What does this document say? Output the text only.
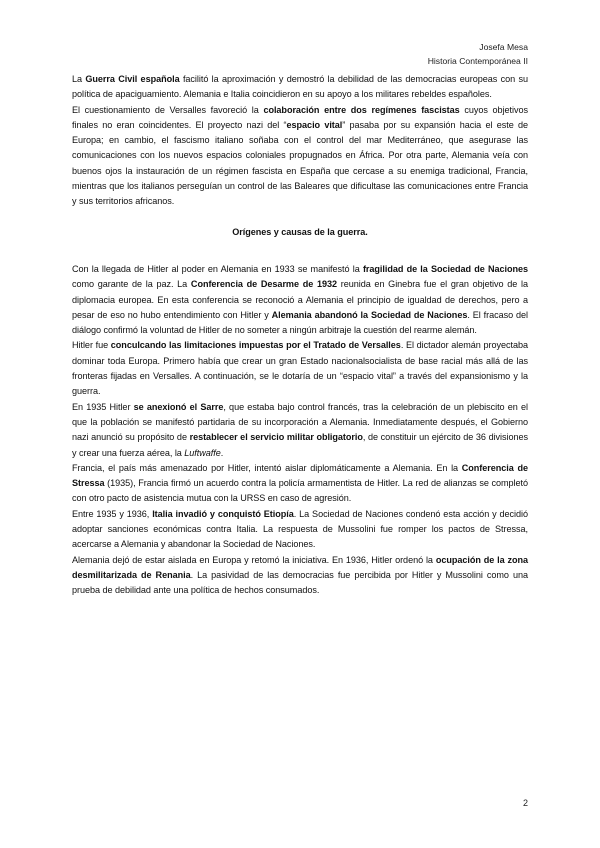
Josefa Mesa
Historia Contemporánea II

La Guerra Civil española facilitó la aproximación y demostró la debilidad de las democracias europeas con su política de apaciguamiento. Alemania e Italia coincidieron en su apoyo a los militares rebeldes españoles.

El cuestionamiento de Versalles favoreció la colaboración entre dos regímenes fascistas cuyos objetivos finales no eran coincidentes. El proyecto nazi del “espacio vital” pasaba por su expansión hacia el este de Europa; en cambio, el fascismo italiano soñaba con el control del mar Mediterráneo, que asegurase las comunicaciones con los nuevos espacios coloniales propugnados en África. Por otra parte, Alemania veía con buenos ojos la instauración de un régimen fascista en España que cercase a su enemiga tradicional, Francia, mientras que los italianos perseguían un control de las Baleares que dificultase las comunicaciones entre Francia y sus territorios africanos.

Orígenes y causas de la guerra.

Con la llegada de Hitler al poder en Alemania en 1933 se manifestó la fragilidad de la Sociedad de Naciones como garante de la paz. La Conferencia de Desarme de 1932 reunida en Ginebra fue el gran objetivo de la diplomacia europea. En esta conferencia se reconoció a Alemania el principio de igualdad de derechos, pero a pesar de eso no hubo entendimiento con Hitler y Alemania abandonó la Sociedad de Naciones. El fracaso del diálogo confirmó la voluntad de Hitler de no someter a ningún arbitraje la cuestión del rearme alemán.

Hitler fue conculcando las limitaciones impuestas por el Tratado de Versalles. El dictador alemán proyectaba dominar toda Europa. Primero había que crear un gran Estado nacionalsocialista de base racial más allá de las fronteras fijadas en Versalles. A continuación, se le dotaría de un “espacio vital” a través del expansionismo y la guerra.

En 1935 Hitler se anexionó el Sarre, que estaba bajo control francés, tras la celebración de un plebiscito en el que la población se manifestó partidaria de su incorporación a Alemania. Inmediatamente después, el Gobierno nazi anunció su propósito de restablecer el servicio militar obligatorio, de constituir un ejército de 36 divisiones y crear una fuerza aérea, la Luftwaffe.

Francia, el país más amenazado por Hitler, intentó aislar diplomáticamente a Alemania. En la Conferencia de Stressa (1935), Francia firmó un acuerdo contra la policía armamentista de Hitler. La red de alianzas se completó con otro pacto de asistencia mutua con la URSS en caso de agresión.

Entre 1935 y 1936, Italia invadió y conquistó Etiopía. La Sociedad de Naciones condenó esta acción y decidió adoptar sanciones económicas contra Italia. La respuesta de Mussolini fue romper los pactos de Stressa, acercarse a Alemania y abandonar la Sociedad de Naciones.

Alemania dejó de estar aislada en Europa y retomó la iniciativa. En 1936, Hitler ordenó la ocupación de la zona desmilitarizada de Renania. La pasividad de las democracias fue percibida por Hitler y Mussolini como una prueba de debilidad ante una política de hechos consumados.

2
